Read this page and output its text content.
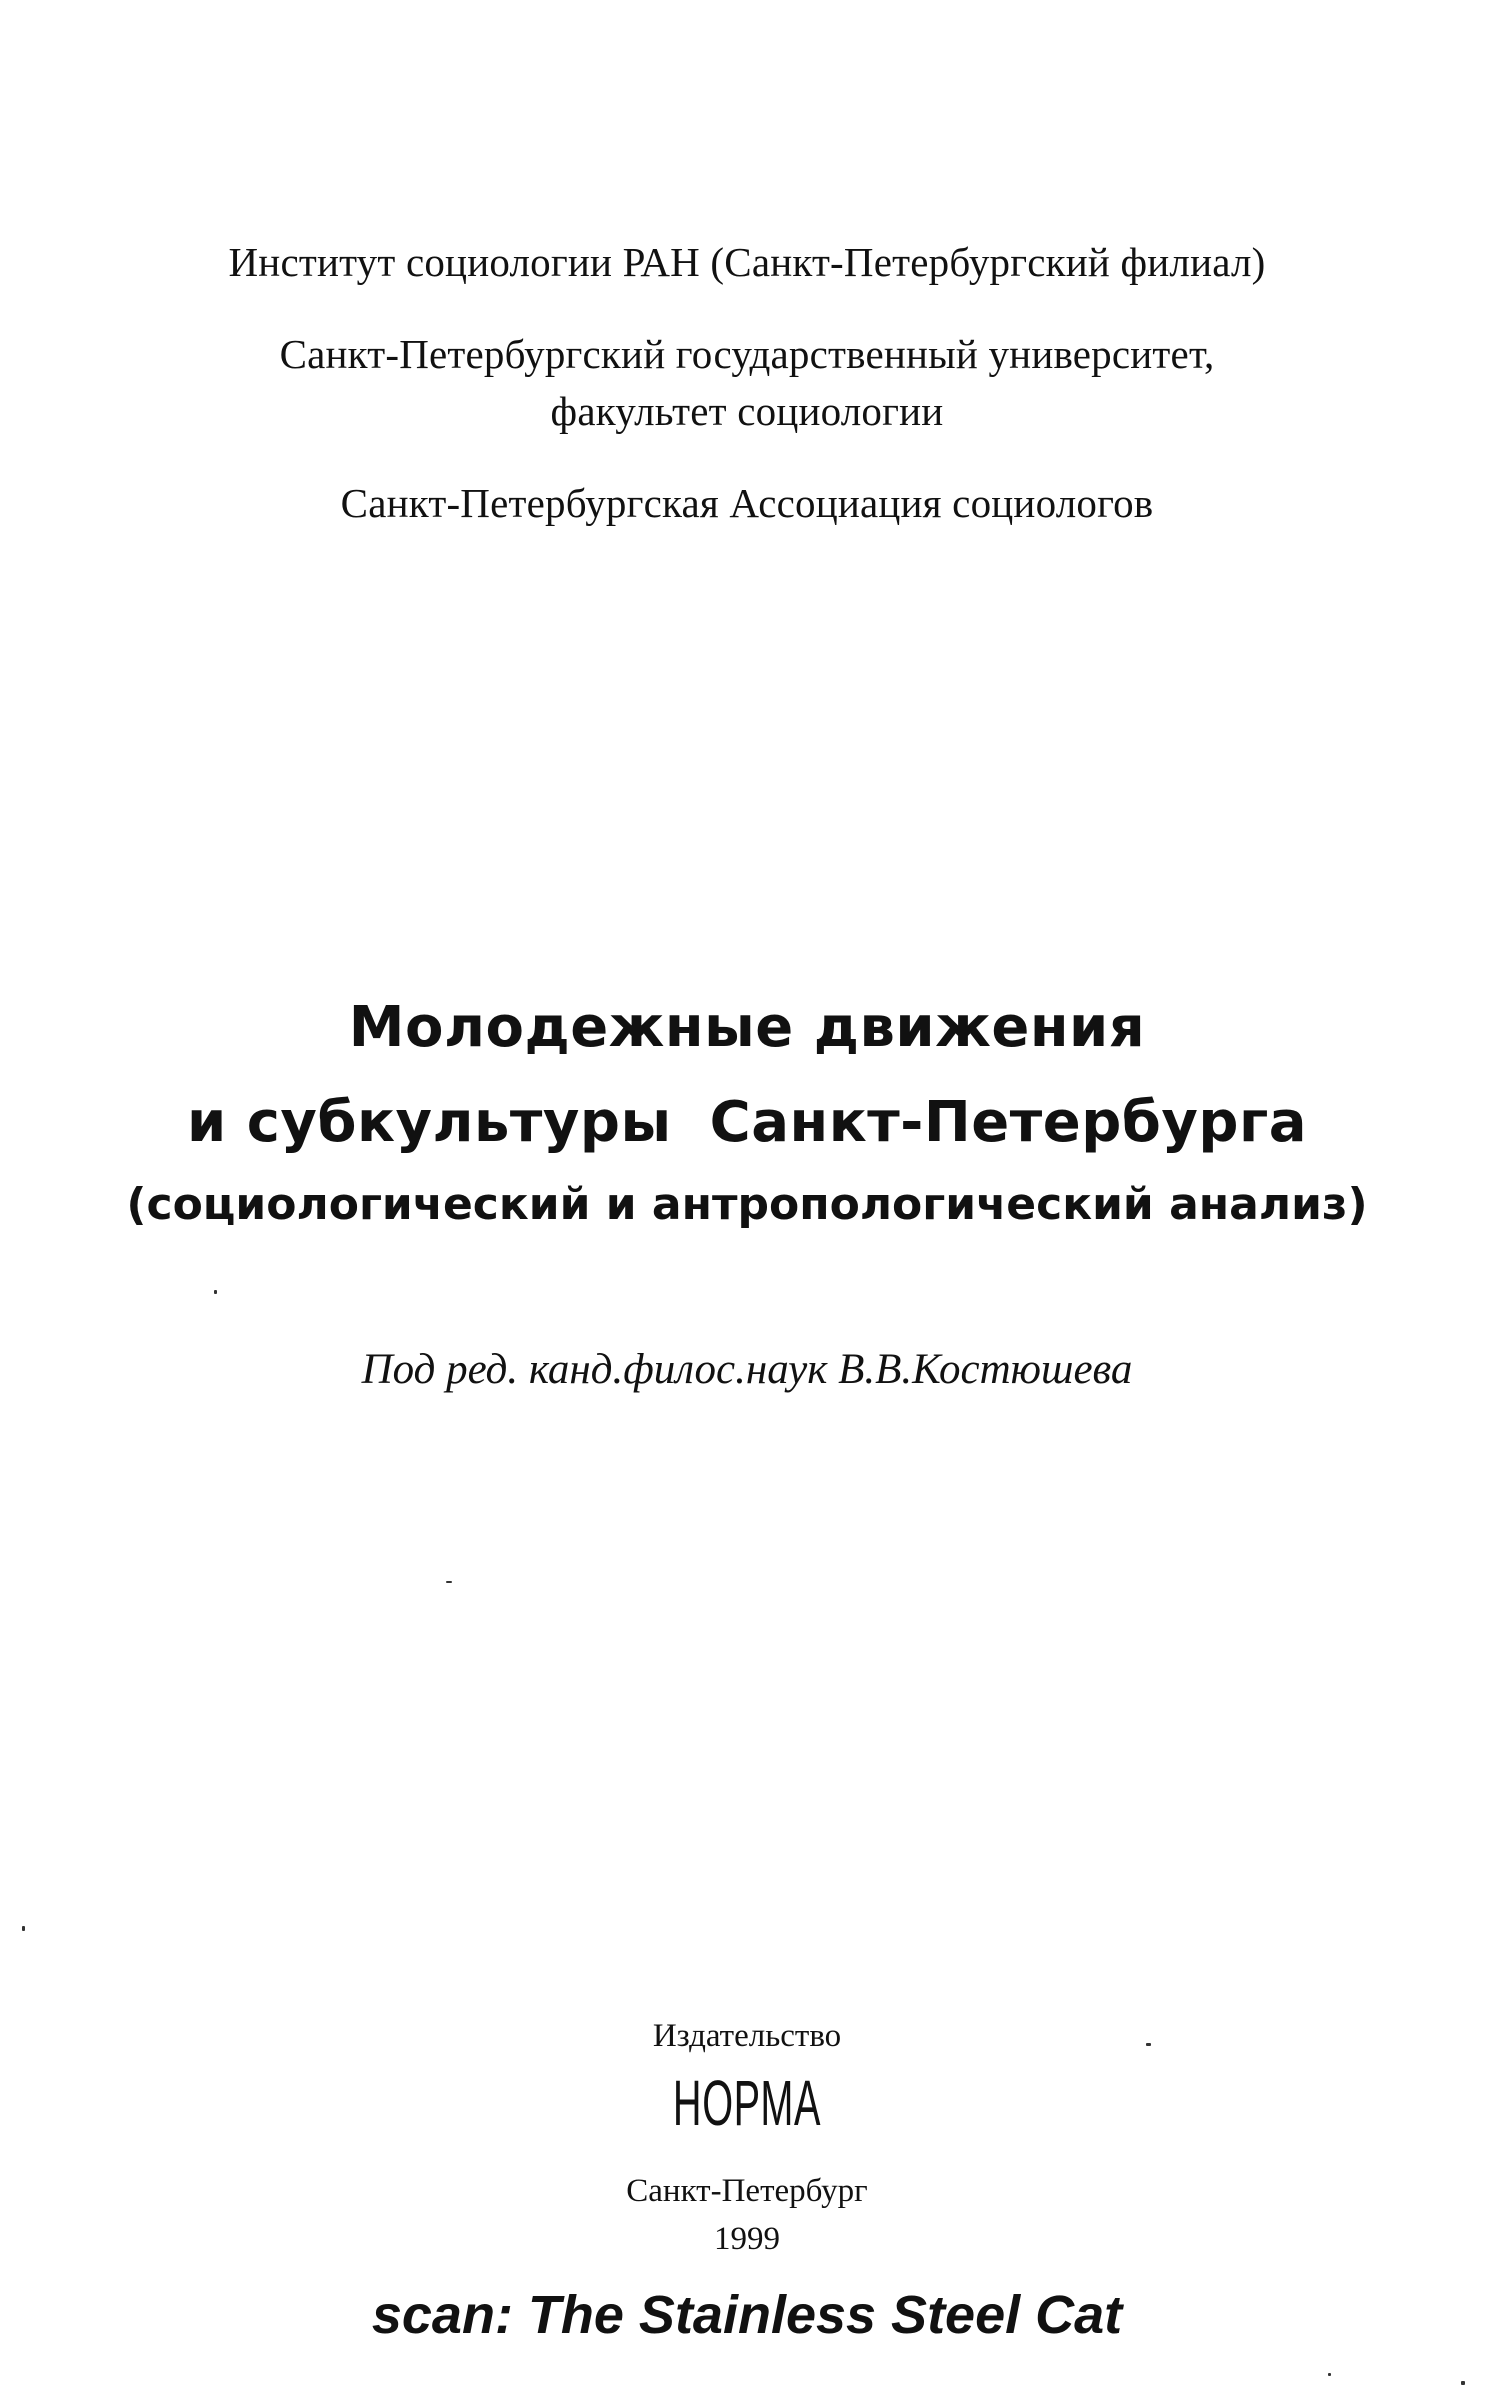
Институт социологии РАН (Санкт-Петербургский филиал)
Санкт-Петербургский государственный университет,
факультет социологии
Санкт-Петербургская Ассоциация социологов
Молодежные движения
и субкультуры Санкт-Петербурга
(социологический и антропологический анализ)
Под ред. канд.филос.наук В.В.Костюшева
Издательство
НОРМА
Санкт-Петербург
1999
scan: The Stainless Steel Cat
